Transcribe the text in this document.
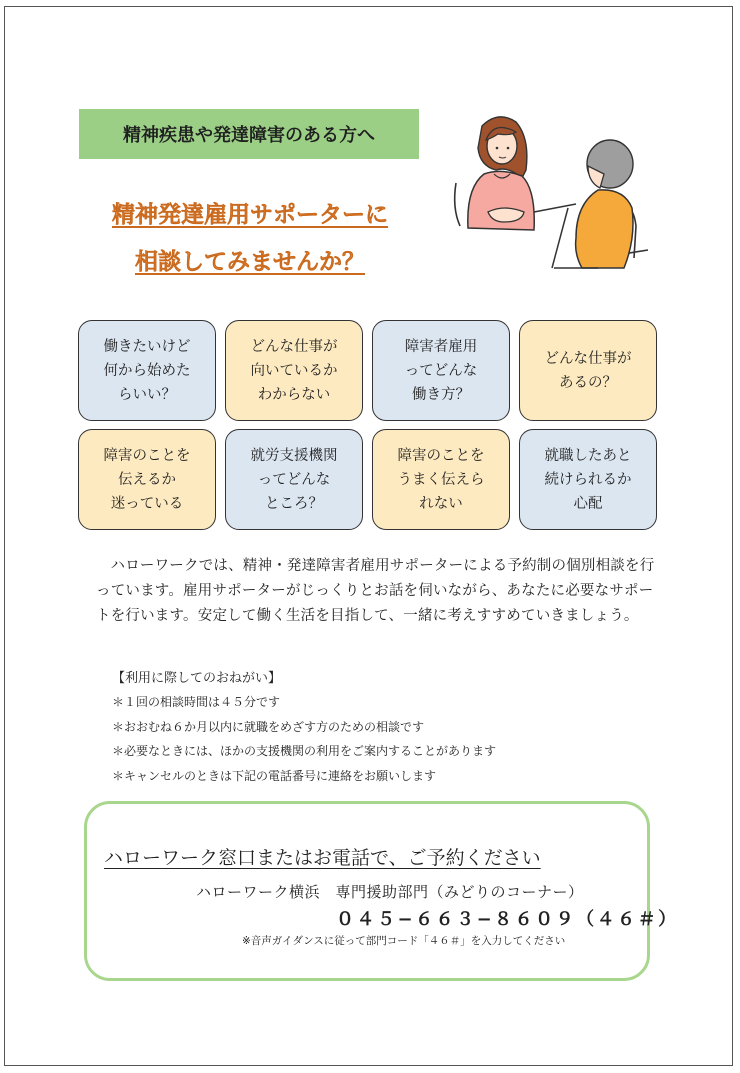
精神疾患や発達障害のある方へ
精神発達雇用サポーターに
相談してみませんか？
働きたいけど
何から始めた
らいい？
どんな仕事が
向いているか
わからない
障害者雇用
ってどんな
働き方？
どんな仕事が
あるの？
障害のことを
伝えるか
迷っている
就労支援機関
ってどんな
ところ？
障害のことを
うまく伝えら
れない
就職したあと
続けられるか
心配

ハローワークでは、精神・発達障害者雇用サポーターによる予約制の個別相談を行っています。雇用サポーターがじっくりとお話を伺いながら、あなたに必要なサポートを行います。安定して働く生活を目指して、一緒に考えすすめていきましょう。

【利用に際してのおねがい】
＊１回の相談時間は４５分です
＊おおむね６か月以内に就職をめざす方のための相談です
＊必要なときには、ほかの支援機関の利用をご案内することがあります
＊キャンセルのときは下記の電話番号に連絡をお願いします
ハローワーク窓口またはお電話で、ご予約ください
ハローワーク横浜　専門援助部門（みどりのコーナー）
０４５−６６３−８６０９（４６＃）
※音声ガイダンスに従って部門コード「４６＃」を入力してください
